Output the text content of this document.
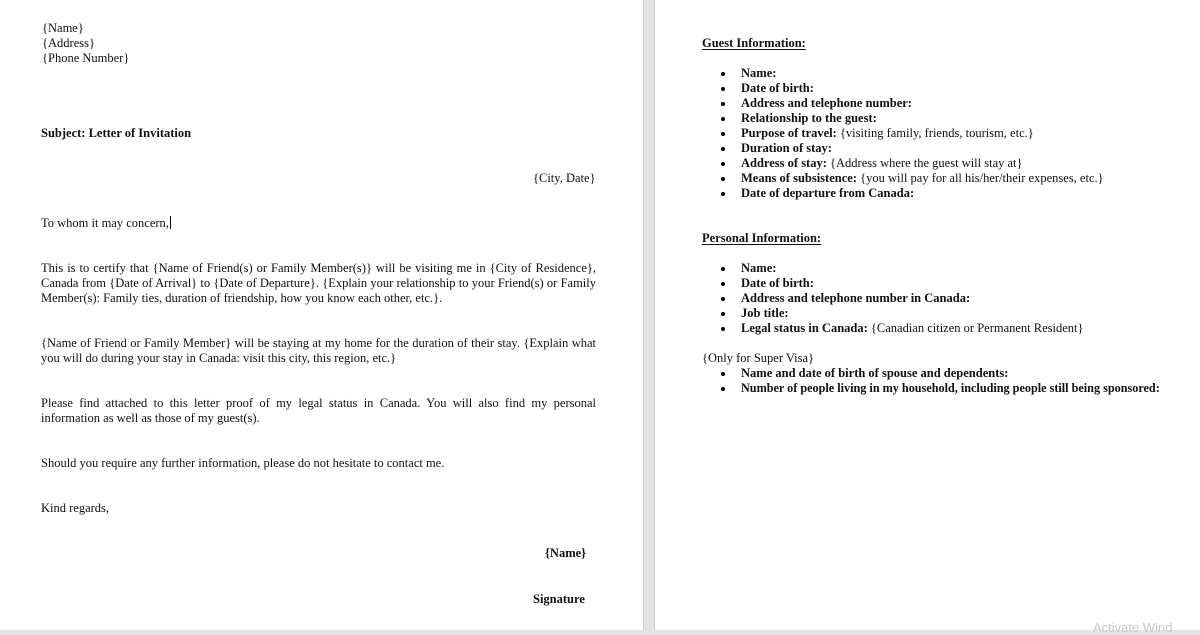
{Name}
{Address}
{Phone Number}
Subject: Letter of Invitation
{City, Date}
To whom it may concern,
This is to certify that {Name of Friend(s) or Family Member(s)} will be visiting me in {City of Residence}, Canada from {Date of Arrival} to {Date of Departure}. {Explain your relationship to your Friend(s) or Family Member(s): Family ties, duration of friendship, how you know each other, etc.}.
{Name of Friend or Family Member} will be staying at my home for the duration of their stay. {Explain what you will do during your stay in Canada: visit this city, this region, etc.}
Please find attached to this letter proof of my legal status in Canada. You will also find my personal information as well as those of my guest(s).
Should you require any further information, please do not hesitate to contact me.
Kind regards,
{Name}
Signature
Guest Information:
Name:
Date of birth:
Address and telephone number:
Relationship to the guest:
Purpose of travel: {visiting family, friends, tourism, etc.}
Duration of stay:
Address of stay: {Address where the guest will stay at}
Means of subsistence: {you will pay for all his/her/their expenses, etc.}
Date of departure from Canada:
Personal Information:
Name:
Date of birth:
Address and telephone number in Canada:
Job title:
Legal status in Canada: {Canadian citizen or Permanent Resident}
{Only for Super Visa}
Name and date of birth of spouse and dependents:
Number of people living in my household, including people still being sponsored:
Activate Wind
